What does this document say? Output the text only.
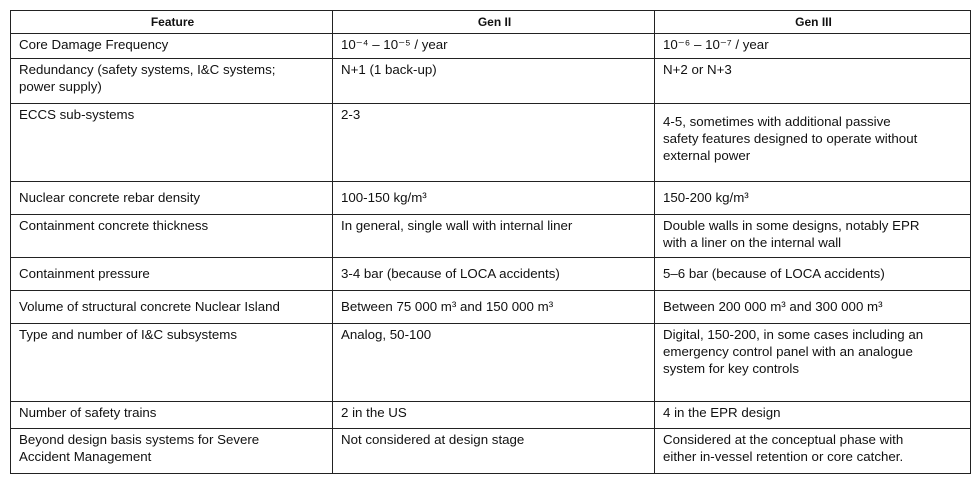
Feature	Gen II	Gen III

Core Damage Frequency	10⁻⁴ – 10⁻⁵ / year	10⁻⁶ – 10⁻⁷ / year

Redundancy (safety systems, I&C systems;
power supply)	N+1 (1 back-up)	N+2 or N+3

ECCS sub-systems	2-3	4-5, sometimes with additional passive
safety features designed to operate without
external power

Nuclear concrete rebar density	100-150 kg/m³	150-200 kg/m³

Containment concrete thickness	In general, single wall with internal liner	Double walls in some designs, notably EPR
with a liner on the internal wall

Containment pressure	3-4 bar (because of LOCA accidents)	5–6 bar (because of LOCA accidents)

Volume of structural concrete Nuclear Island	Between 75 000 m³ and 150 000 m³	Between 200 000 m³ and 300 000 m³

Type and number of I&C subsystems	Analog, 50-100	Digital, 150-200, in some cases including an
emergency control panel with an analogue
system for key controls

Number of safety trains	2 in the US	4 in the EPR design

Beyond design basis systems for Severe
Accident Management	Not considered at design stage	Considered at the conceptual phase with
either in-vessel retention or core catcher.
